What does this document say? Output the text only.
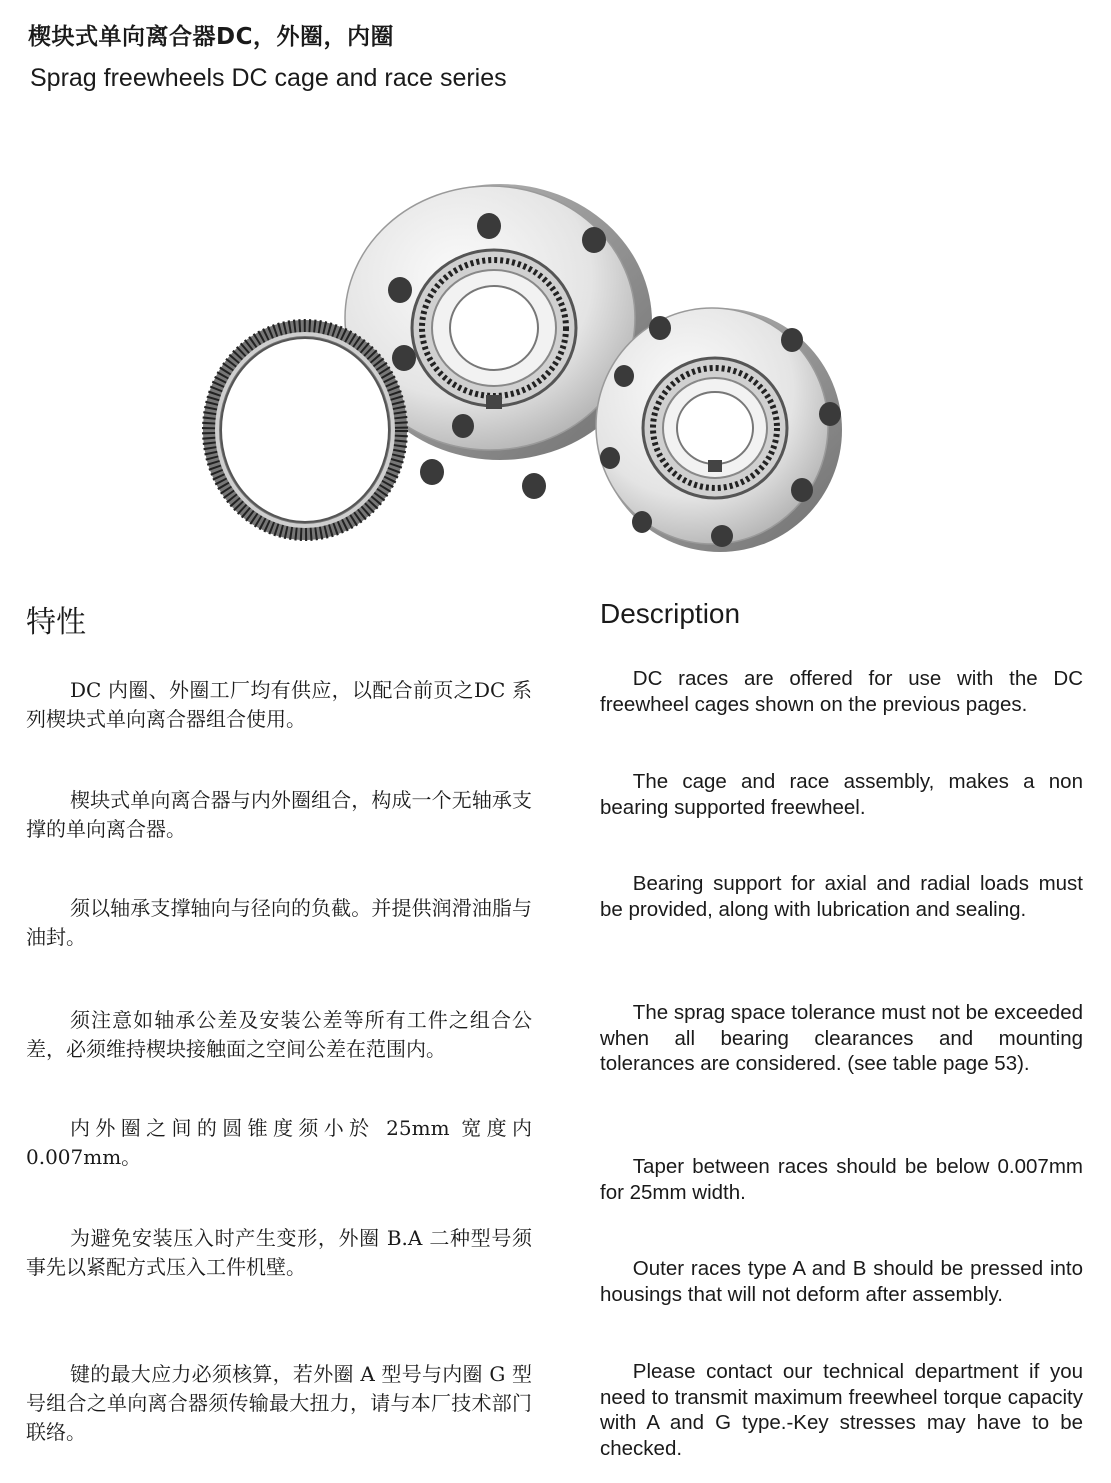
楔块式单向离合器DC，外圈，内圈
Sprag freewheels DC cage and race series
特性	Description

DC 内圈、外圈工厂均有供应，以配合前页之DC 系列楔块式单向离合器组合使用。

楔块式单向离合器与内外圈组合，构成一个无轴承支撑的单向离合器。

须以轴承支撑轴向与径向的负截。并提供润滑油脂与油封。

须注意如轴承公差及安装公差等所有工件之组合公差，必须维持楔块接触面之空间公差在范围内。

内外圈之间的圆锥度须小於 25mm 宽度内 0.007mm。

为避免安装压入时产生变形，外圈 B.A 二种型号须事先以紧配方式压入工件机壁。

键的最大应力必须核算，若外圈 A 型号与内圈 G 型号组合之单向离合器须传输最大扭力，请与本厂技术部门联络。

DC races are offered for use with the DC freewheel cages shown on the previous pages.

The cage and race assembly, makes a non bearing supported freewheel.

Bearing support for axial and radial loads must be provided, along with lubrication and sealing.

The sprag space tolerance must not be exceeded when all bearing clearances and mounting tolerances are considered. (see table page 53).

Taper between races should be below 0.007mm for 25mm width.

Outer races type A and B should be pressed into housings that will not deform after assembly.

Please contact our technical department if you need to transmit maximum freewheel torque capacity with A and G type.-Key stresses may have to be checked.
